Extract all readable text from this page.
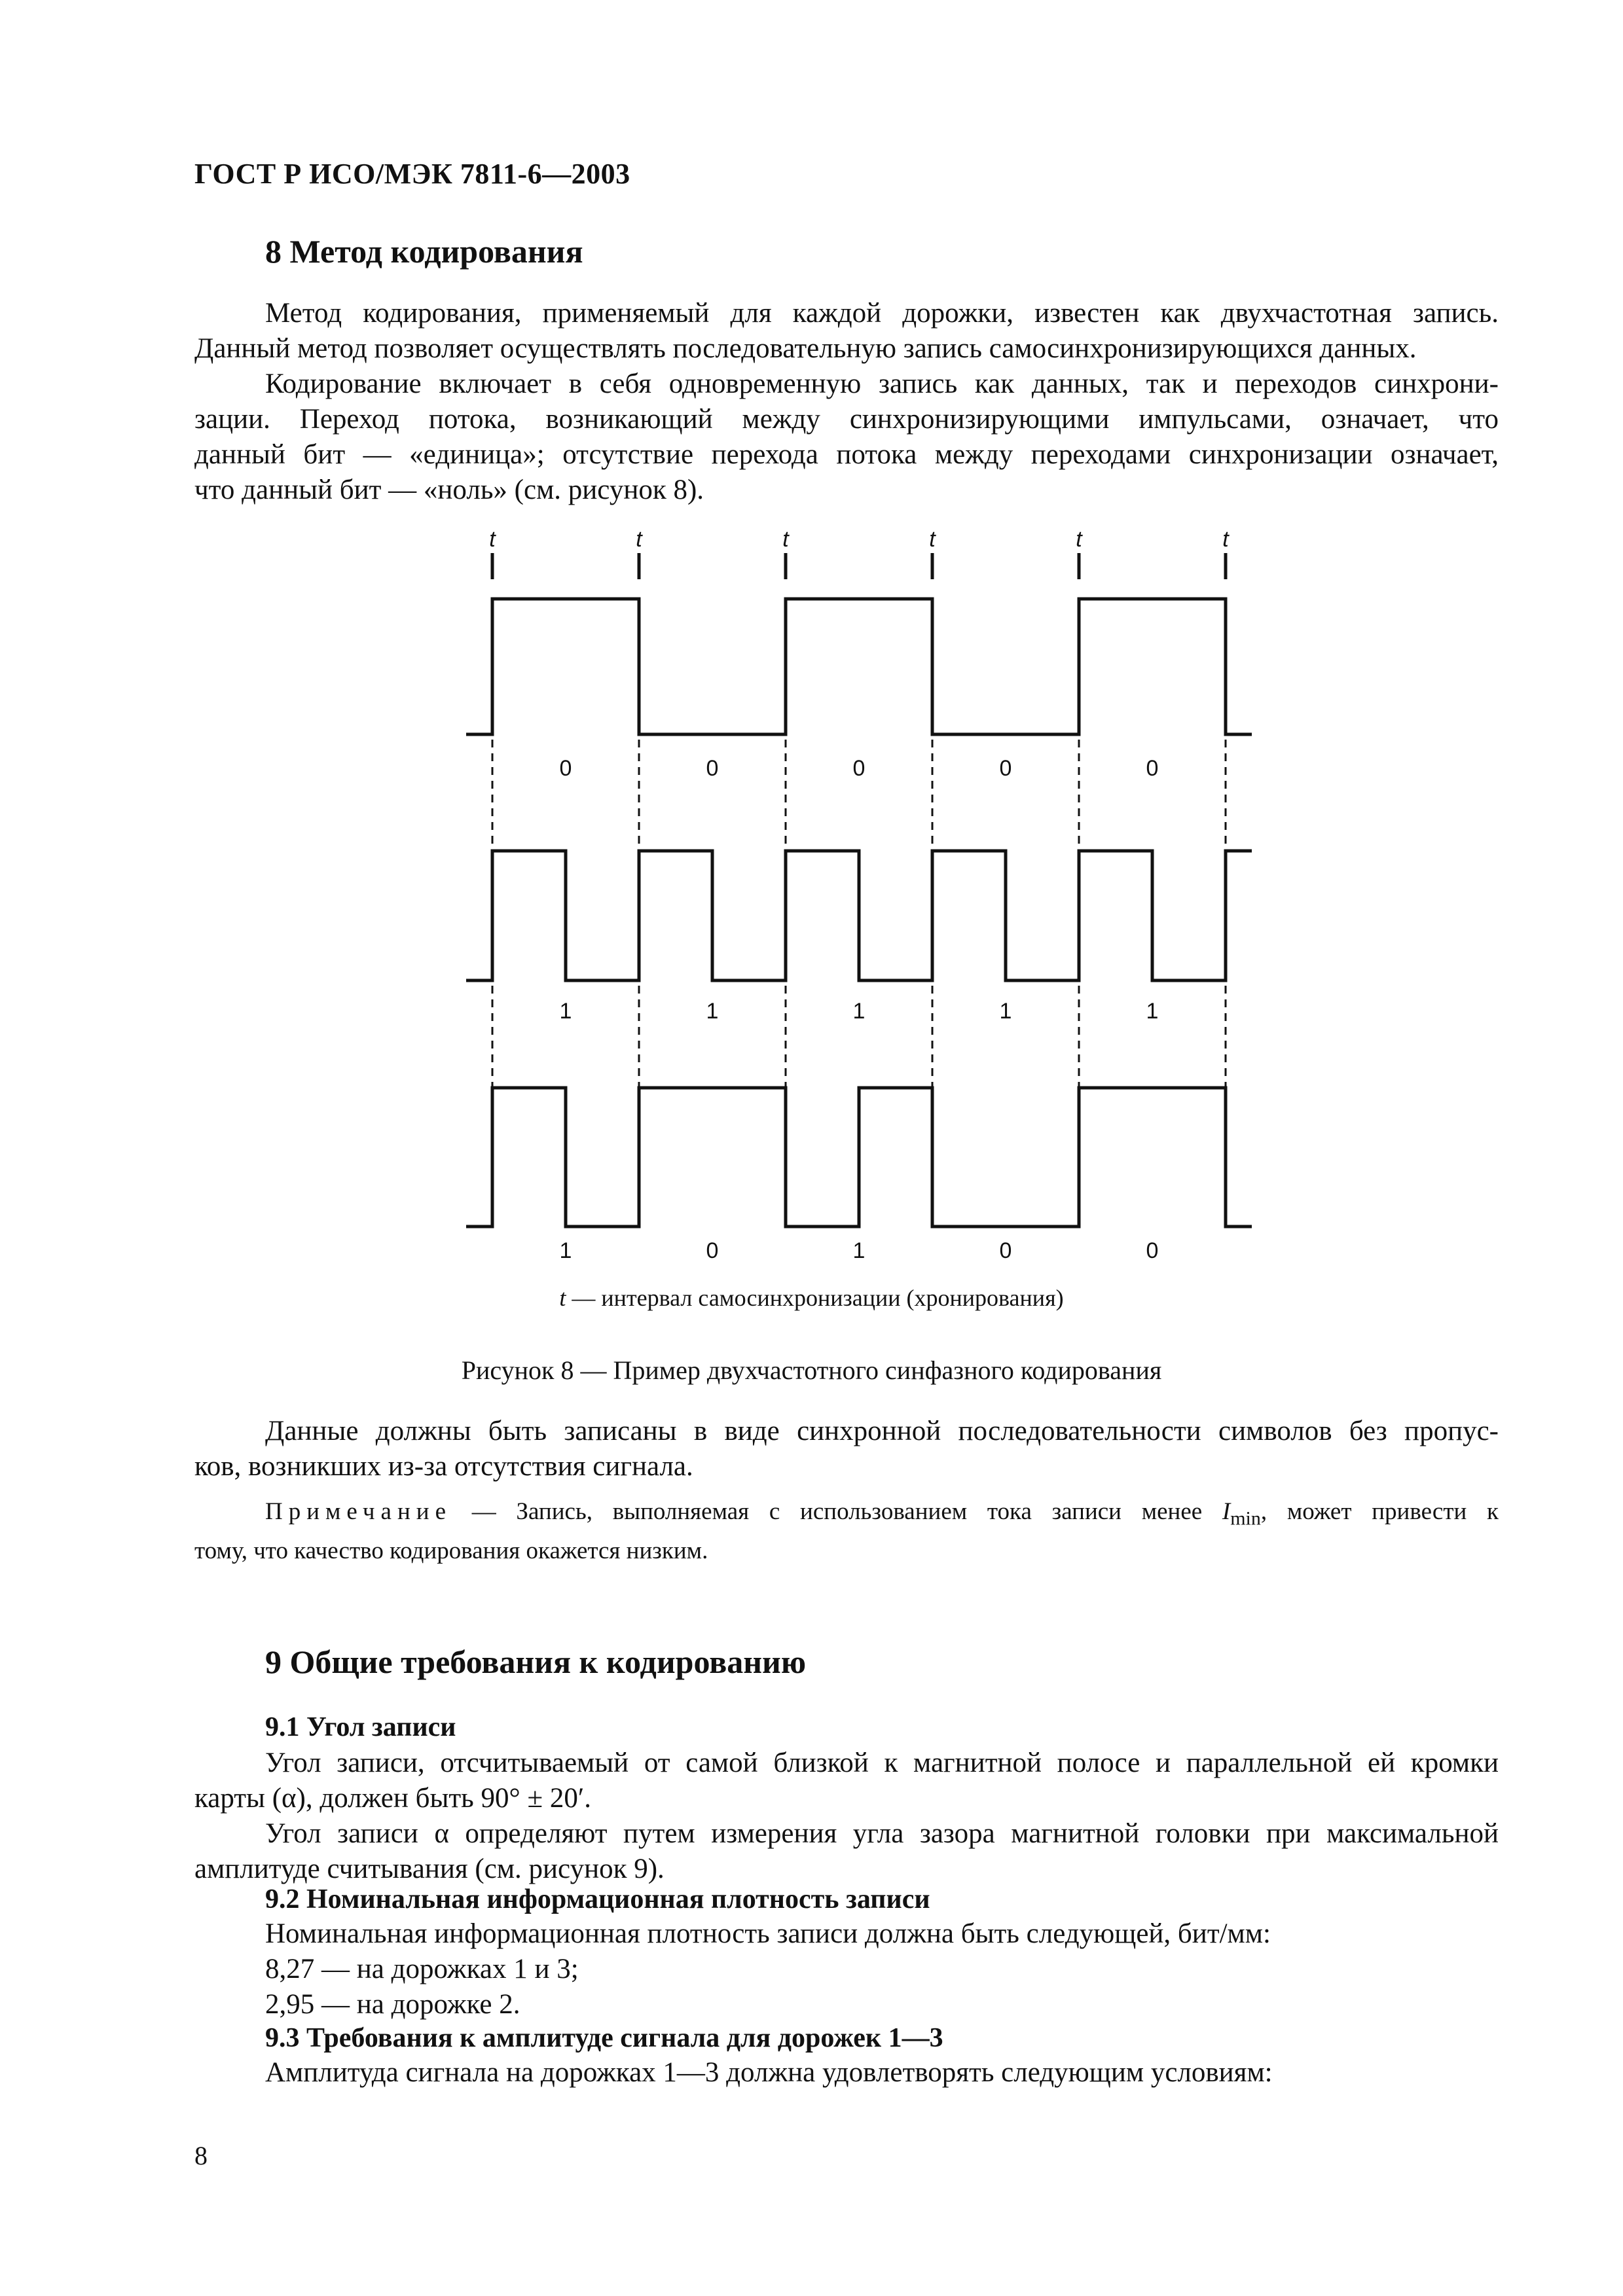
ГОСТ Р ИСО/МЭК 7811-6—2003
8 Метод кодирования
Метод кодирования, применяемый для каждой дорожки, известен как двухчастотная запись.
Данный метод позволяет осуществлять последовательную запись самосинхронизирующихся данных.
Кодирование включает в себя одновременную запись как данных, так и переходов синхрони-
зации. Переход потока, возникающий между синхронизирующими импульсами, означает, что
данный бит — «единица»; отсутствие перехода потока между переходами синхронизации означает,
что данный бит — «ноль» (см. рисунок 8).
t	t	t	t	t	t
0	0	0	0	0
1	1	1	1	1
1	0	1	0	0
t — интервал самосинхронизации (хронирования)
Рисунок 8 — Пример двухчастотного синфазного кодирования
Данные должны быть записаны в виде синхронной последовательности символов без пропус-
ков, возникших из-за отсутствия сигнала.
Примечание — Запись, выполняемая с использованием тока записи менее $I_{min}$, может привести к
тому, что качество кодирования окажется низким.
9 Общие требования к кодированию
9.1 Угол записи
Угол записи, отсчитываемый от самой близкой к магнитной полосе и параллельной ей кромки
карты (α), должен быть 90° ± 20′.
Угол записи α определяют путем измерения угла зазора магнитной головки при максимальной
амплитуде считывания (см. рисунок 9).
9.2 Номинальная информационная плотность записи
Номинальная информационная плотность записи должна быть следующей, бит/мм:
8,27 — на дорожках 1 и 3;
2,95 — на дорожке 2.
9.3 Требования к амплитуде сигнала для дорожек 1—3
Амплитуда сигнала на дорожках 1—3 должна удовлетворять следующим условиям:
8
